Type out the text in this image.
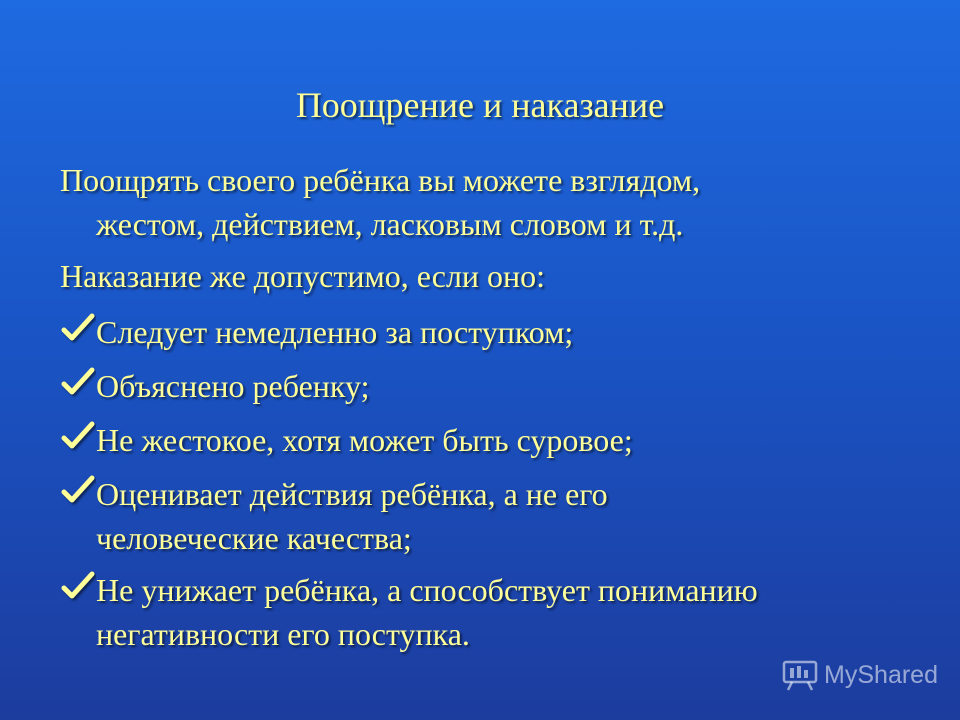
Поощрение и наказание
Поощрять своего ребёнка вы можете взглядом,
жестом, действием, ласковым словом и т.д.
Наказание же допустимо, если оно:
Следует немедленно за поступком;
Объяснено ребенку;
Не жестокое, хотя может быть суровое;
Оценивает действия ребёнка, а не его
человеческие качества;
Не унижает ребёнка, а способствует пониманию
негативности его поступка.
MyShared
